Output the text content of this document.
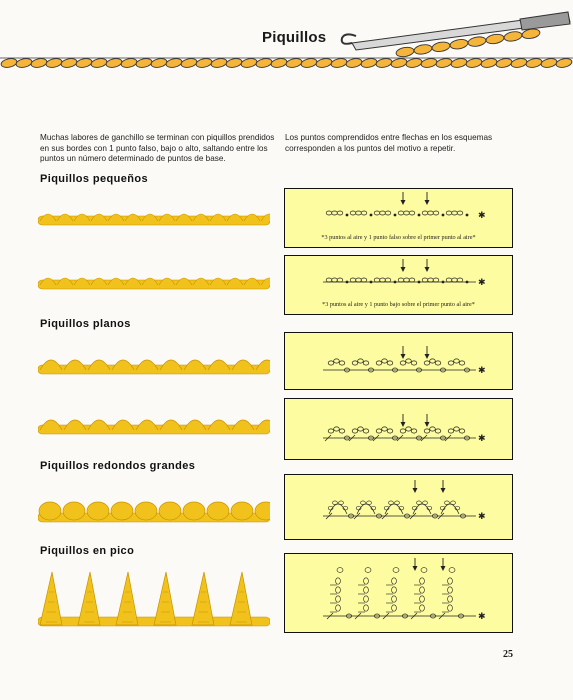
Piquillos
Muchas labores de ganchillo se terminan con piquillos prendidos en sus bordes con 1 punto falso, bajo o alto, saltando entre los puntos un número determinado de puntos de base.
Los puntos comprendidos entre flechas en los esquemas corresponden a los puntos del motivo a repetir.
Piquillos pequeños
Piquillos planos
Piquillos redondos grandes
Piquillos en pico
✱
*3 puntos al aire y 1 punto falso sobre el primer punto al aire*
✱
*3 puntos al aire y 1 punto bajo sobre el primer punto al aire*
✱
✱
✱
✱
25
